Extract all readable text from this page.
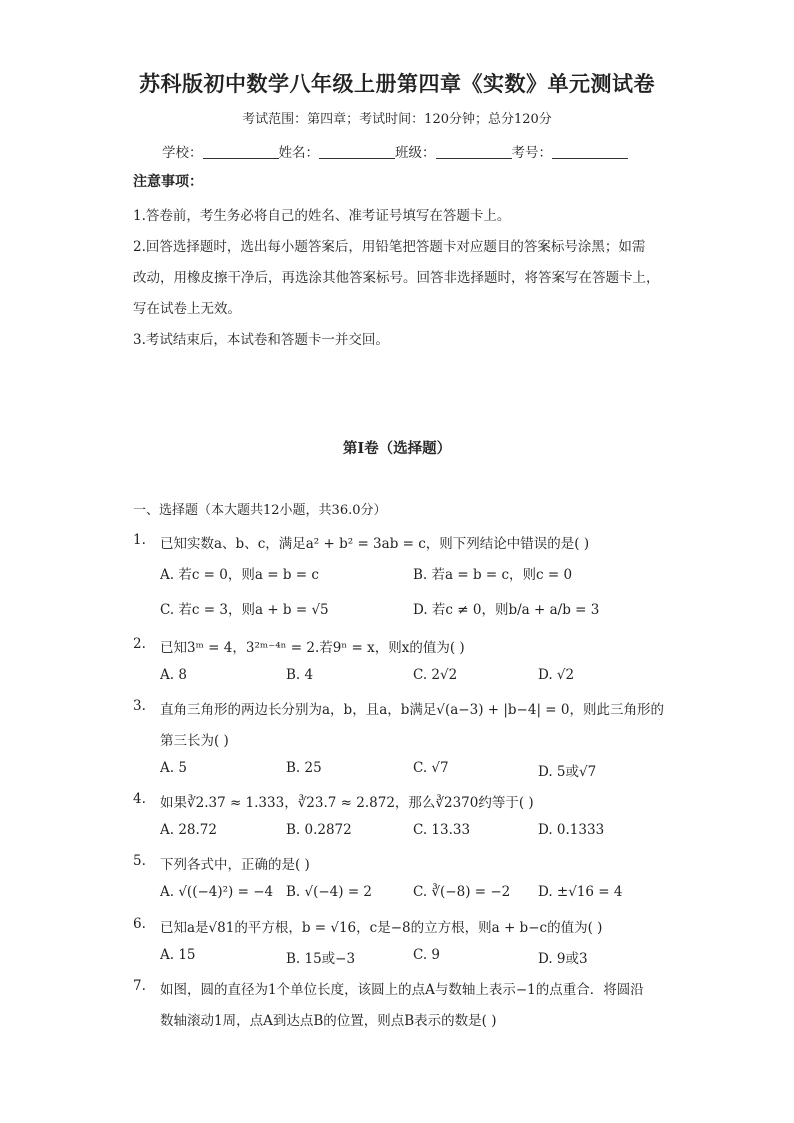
苏科版初中数学八年级上册第四章《实数》单元测试卷
考试范围：第四章；考试时间：120分钟；总分120分
学校：	姓名：	班级：	考号：
注意事项：
1.答卷前，考生务必将自己的姓名、准考证号填写在答题卡上。
2.回答选择题时，选出每小题答案后，用铅笔把答题卡对应题目的答案标号涂黑；如需
改动，用橡皮擦干净后，再选涂其他答案标号。回答非选择题时，将答案写在答题卡上，
写在试卷上无效。
3.考试结束后，本试卷和答题卡一并交回。
第I卷（选择题）
一、选择题（本大题共12小题，共36.0分）
1. 已知实数a、b、c，满足a² + b² = 3ab = c，则下列结论中错误的是( )
A. 若c = 0，则a = b = c	B. 若a = b = c，则c = 0
C. 若c = 3，则a + b = √5	D. 若c ≠ 0，则b/a + a/b = 3
2. 已知3ᵐ = 4，3²ᵐ⁻⁴ⁿ = 2.若9ⁿ = x，则x的值为( )
A. 8	B. 4	C. 2√2	D. √2
3. 直角三角形的两边长分别为a，b，且a，b满足√(a−3) + |b−4| = 0，则此三角形的
第三长为( )
A. 5	B. 25	C. √7	D. 5或√7
4. 如果∛2.37 ≈ 1.333，∛23.7 ≈ 2.872，那么∛2370约等于( )
A. 28.72	B. 0.2872	C. 13.33	D. 0.1333
5. 下列各式中，正确的是( )
A. √((−4)²) = −4 B. √(−4) = 2	C. ∛(−8) = −2 D. ±√16 = 4
6. 已知a是√81的平方根，b = √16，c是−8的立方根，则a + b−c的值为( )
A. 15	B. 15或−3	C. 9	D. 9或3
7. 如图，圆的直径为1个单位长度，该圆上的点A与数轴上表示−1的点重合．将圆沿
数轴滚动1周，点A到达点B的位置，则点B表示的数是( )
